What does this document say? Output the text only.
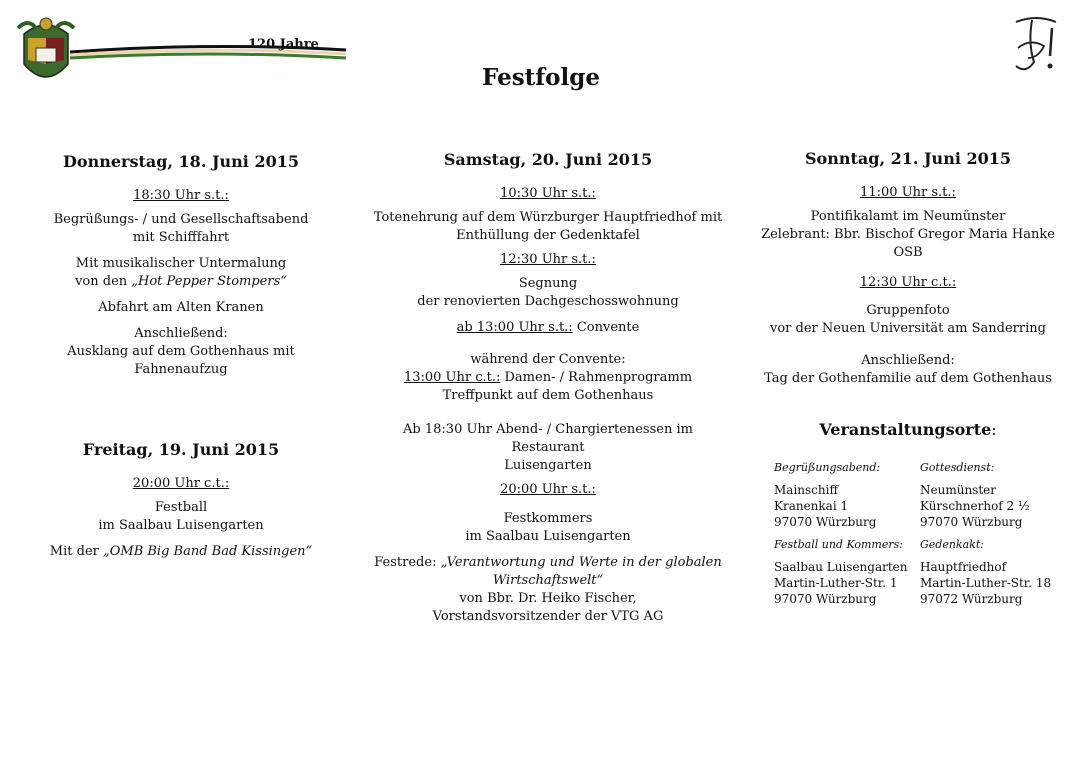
120 Jahre
Festfolge
Donnerstag, 18. Juni 2015
18:30 Uhr s.t.:
Begrüßungs- / und Gesellschaftsabend
mit Schifffahrt
Mit musikalischer Untermalung
von den „Hot Pepper Stompers“
Abfahrt am Alten Kranen
Anschließend:
Ausklang auf dem Gothenhaus mit Fahnenaufzug
Freitag, 19. Juni 2015
20:00 Uhr c.t.:
Festball
im Saalbau Luisengarten
Mit der „OMB Big Band Bad Kissingen“
Samstag, 20. Juni 2015
10:30 Uhr s.t.:
Totenehrung auf dem Würzburger Hauptfriedhof mit
Enthüllung der Gedenktafel
12:30 Uhr s.t.:
Segnung
der renovierten Dachgeschosswohnung
ab 13:00 Uhr s.t.: Convente
während der Convente:
13:00 Uhr c.t.: Damen- / Rahmenprogramm
Treffpunkt auf dem Gothenhaus
Ab 18:30 Uhr Abend- / Chargiertenessen im Restaurant
Luisengarten
20:00 Uhr s.t.:
Festkommers
im Saalbau Luisengarten
Festrede: „Verantwortung und Werte in der globalen
Wirtschaftswelt“
von Bbr. Dr. Heiko Fischer,
Vorstandsvorsitzender der VTG AG
Sonntag, 21. Juni 2015
11:00 Uhr s.t.:
Pontifikalamt im Neumünster
Zelebrant: Bbr. Bischof Gregor Maria Hanke OSB
12:30 Uhr c.t.:
Gruppenfoto
vor der Neuen Universität am Sanderring
Anschließend:
Tag der Gothenfamilie auf dem Gothenhaus
Veranstaltungsorte:
Begrüßungsabend:
Mainschiff
Kranenkai 1
97070 Würzburg
Gottesdienst:
Neumünster
Kürschnerhof 2 ½
97070 Würzburg
Festball und Kommers:
Saalbau Luisengarten
Martin-Luther-Str. 1
97070 Würzburg
Gedenkakt:
Hauptfriedhof
Martin-Luther-Str. 18
97072 Würzburg
